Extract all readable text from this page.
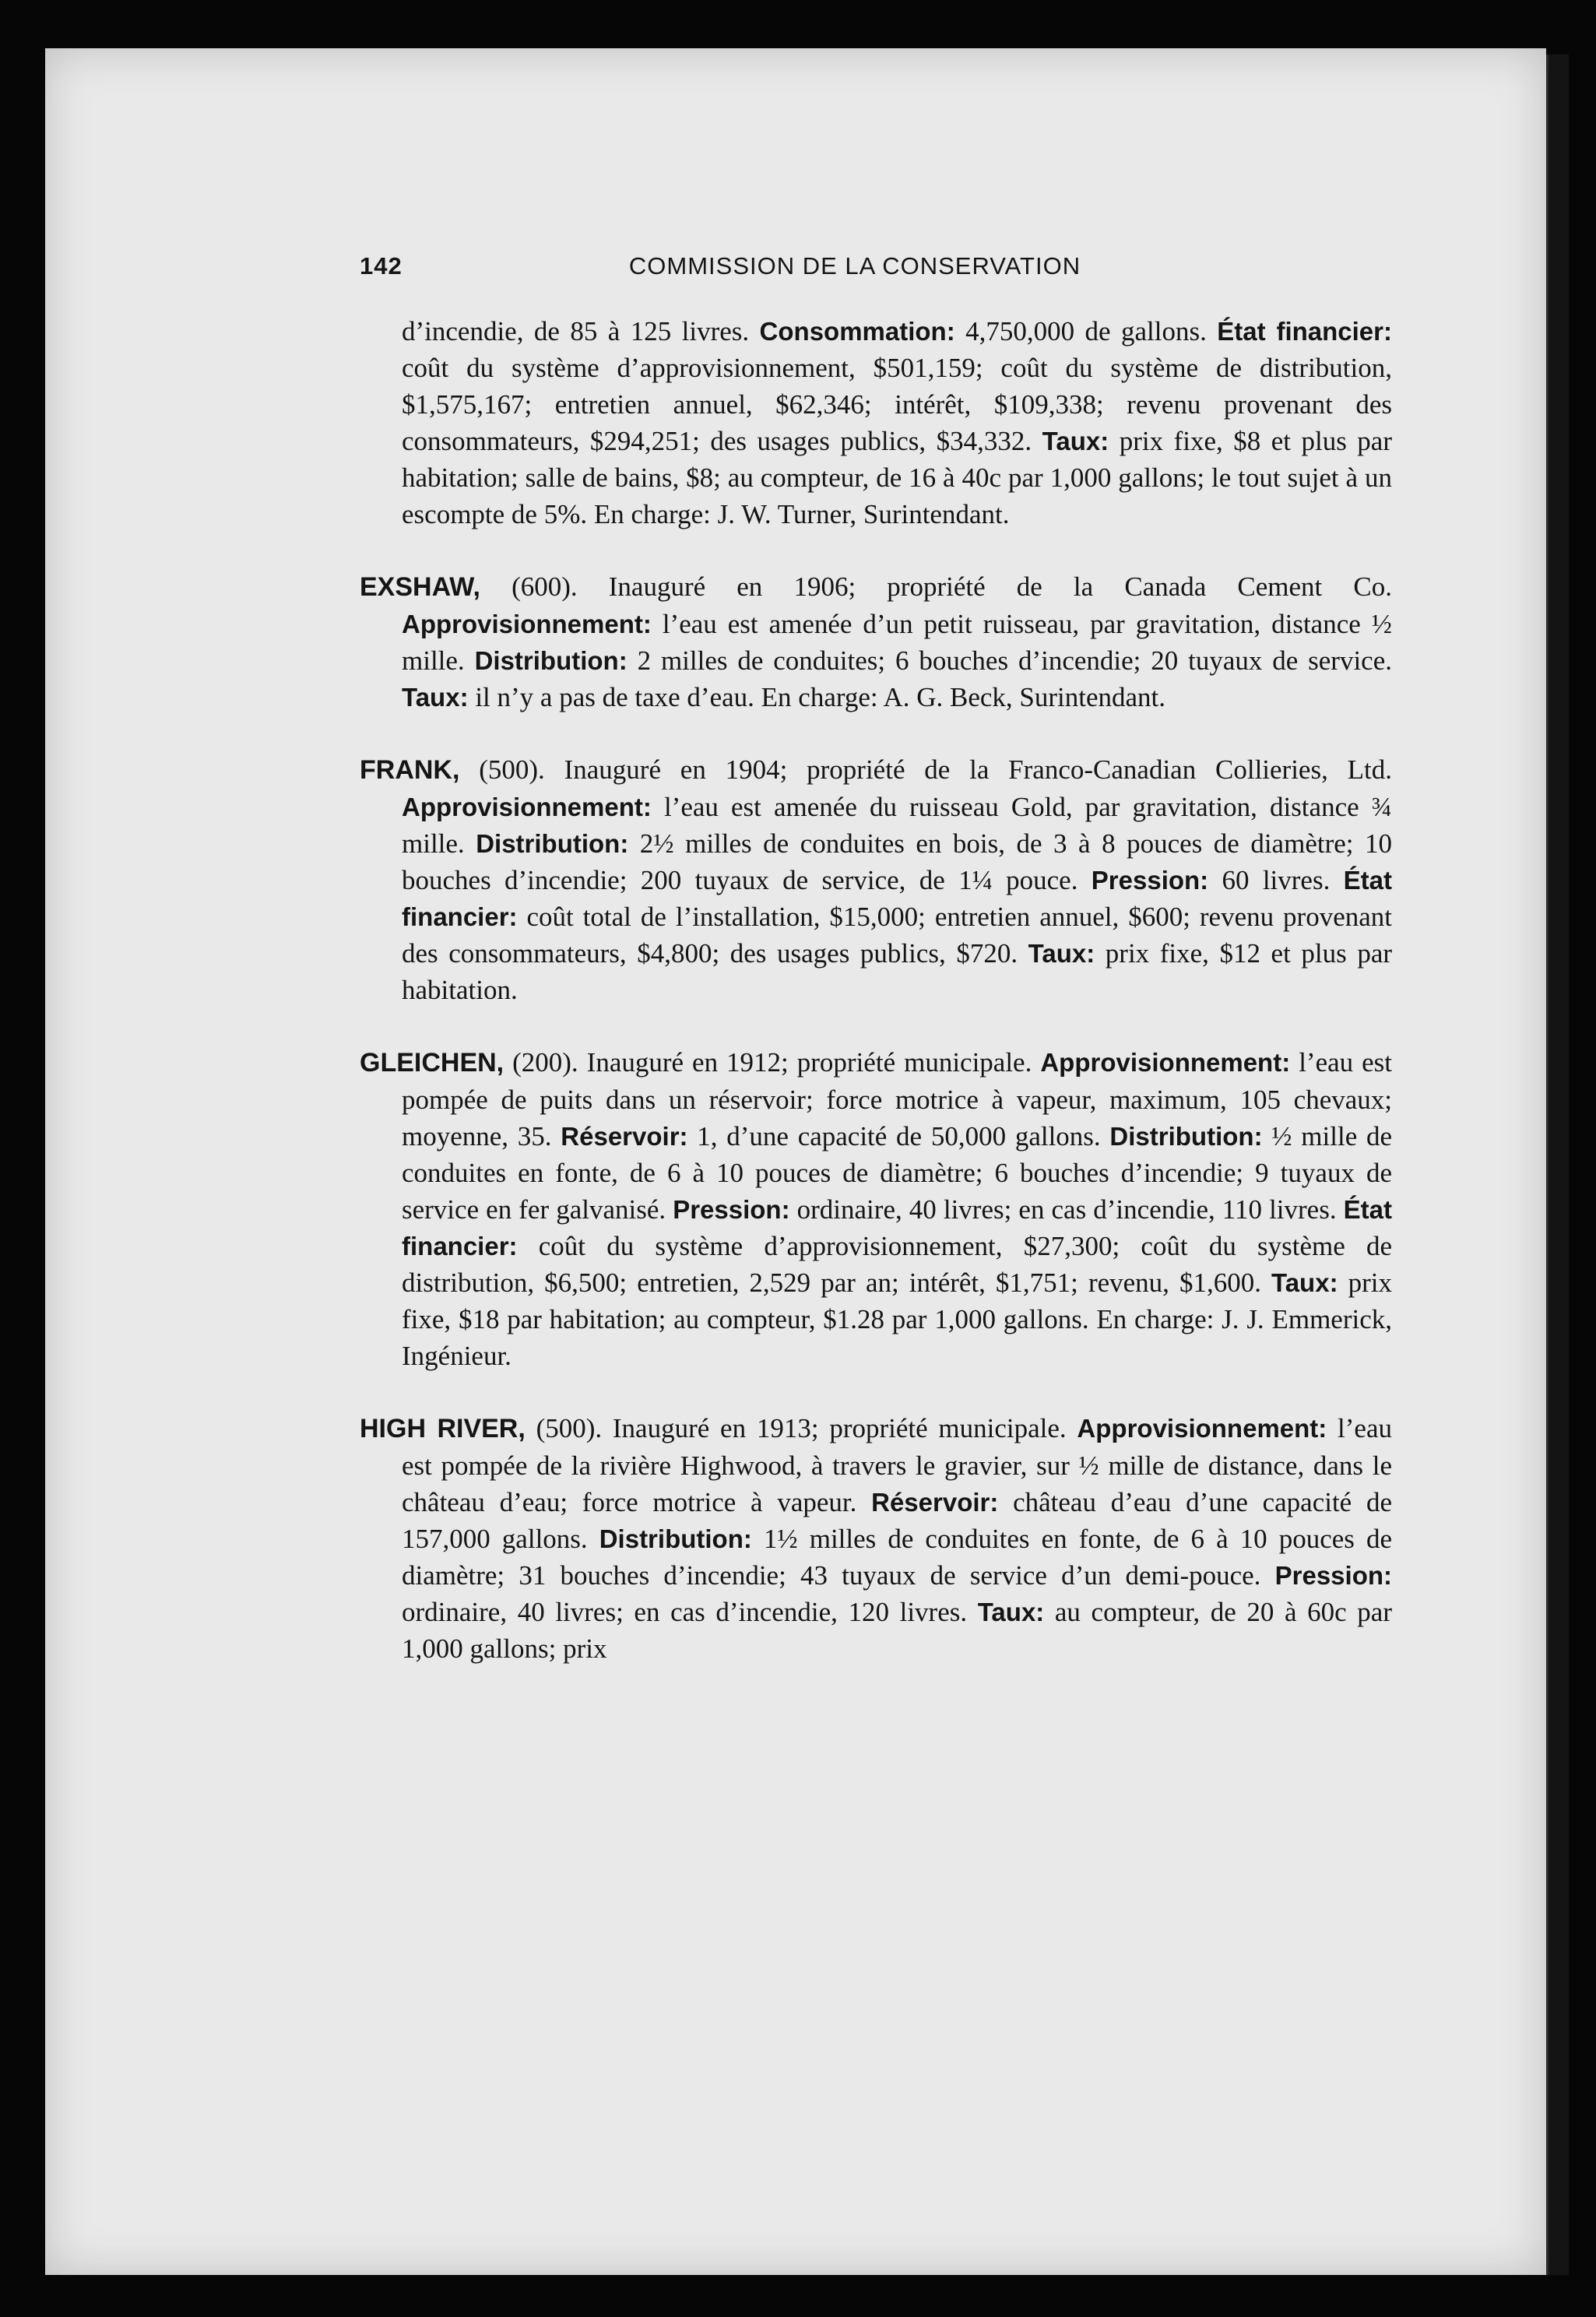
142	COMMISSION DE LA CONSERVATION

d’incendie, de 85 à 125 livres. Consommation: 4,750,000 de gallons. État financier: coût du système d’approvisionnement, $501,159; coût du système de distribution, $1,575,167; entretien annuel, $62,346; intérêt, $109,338; revenu provenant des consommateurs, $294,251; des usages publics, $34,332. Taux: prix fixe, $8 et plus par habitation; salle de bains, $8; au compteur, de 16 à 40c par 1,000 gallons; le tout sujet à un escompte de 5%. En charge: J. W. Turner, Surintendant.

EXSHAW, (600). Inauguré en 1906; propriété de la Canada Cement Co. Approvisionnement: l’eau est amenée d’un petit ruisseau, par gravitation, distance ½ mille. Distribution: 2 milles de conduites; 6 bouches d’incendie; 20 tuyaux de service. Taux: il n’y a pas de taxe d’eau. En charge: A. G. Beck, Surintendant.

FRANK, (500). Inauguré en 1904; propriété de la Franco-Canadian Collieries, Ltd. Approvisionnement: l’eau est amenée du ruisseau Gold, par gravitation, distance ¾ mille. Distribution: 2½ milles de conduites en bois, de 3 à 8 pouces de diamètre; 10 bouches d’incendie; 200 tuyaux de service, de 1¼ pouce. Pression: 60 livres. État financier: coût total de l’installation, $15,000; entretien annuel, $600; revenu provenant des consommateurs, $4,800; des usages publics, $720. Taux: prix fixe, $12 et plus par habitation.

GLEICHEN, (200). Inauguré en 1912; propriété municipale. Approvisionnement: l’eau est pompée de puits dans un réservoir; force motrice à vapeur, maximum, 105 chevaux; moyenne, 35. Réservoir: 1, d’une capacité de 50,000 gallons. Distribution: ½ mille de conduites en fonte, de 6 à 10 pouces de diamètre; 6 bouches d’incendie; 9 tuyaux de service en fer galvanisé. Pression: ordinaire, 40 livres; en cas d’incendie, 110 livres. État financier: coût du système d’approvisionnement, $27,300; coût du système de distribution, $6,500; entretien, 2,529 par an; intérêt, $1,751; revenu, $1,600. Taux: prix fixe, $18 par habitation; au compteur, $1.28 par 1,000 gallons. En charge: J. J. Emmerick, Ingénieur.

HIGH RIVER, (500). Inauguré en 1913; propriété municipale. Approvisionnement: l’eau est pompée de la rivière Highwood, à travers le gravier, sur ½ mille de distance, dans le château d’eau; force motrice à vapeur. Réservoir: château d’eau d’une capacité de 157,000 gallons. Distribution: 1½ milles de conduites en fonte, de 6 à 10 pouces de diamètre; 31 bouches d’incendie; 43 tuyaux de service d’un demi-pouce. Pression: ordinaire, 40 livres; en cas d’incendie, 120 livres. Taux: au compteur, de 20 à 60c par 1,000 gallons; prix
